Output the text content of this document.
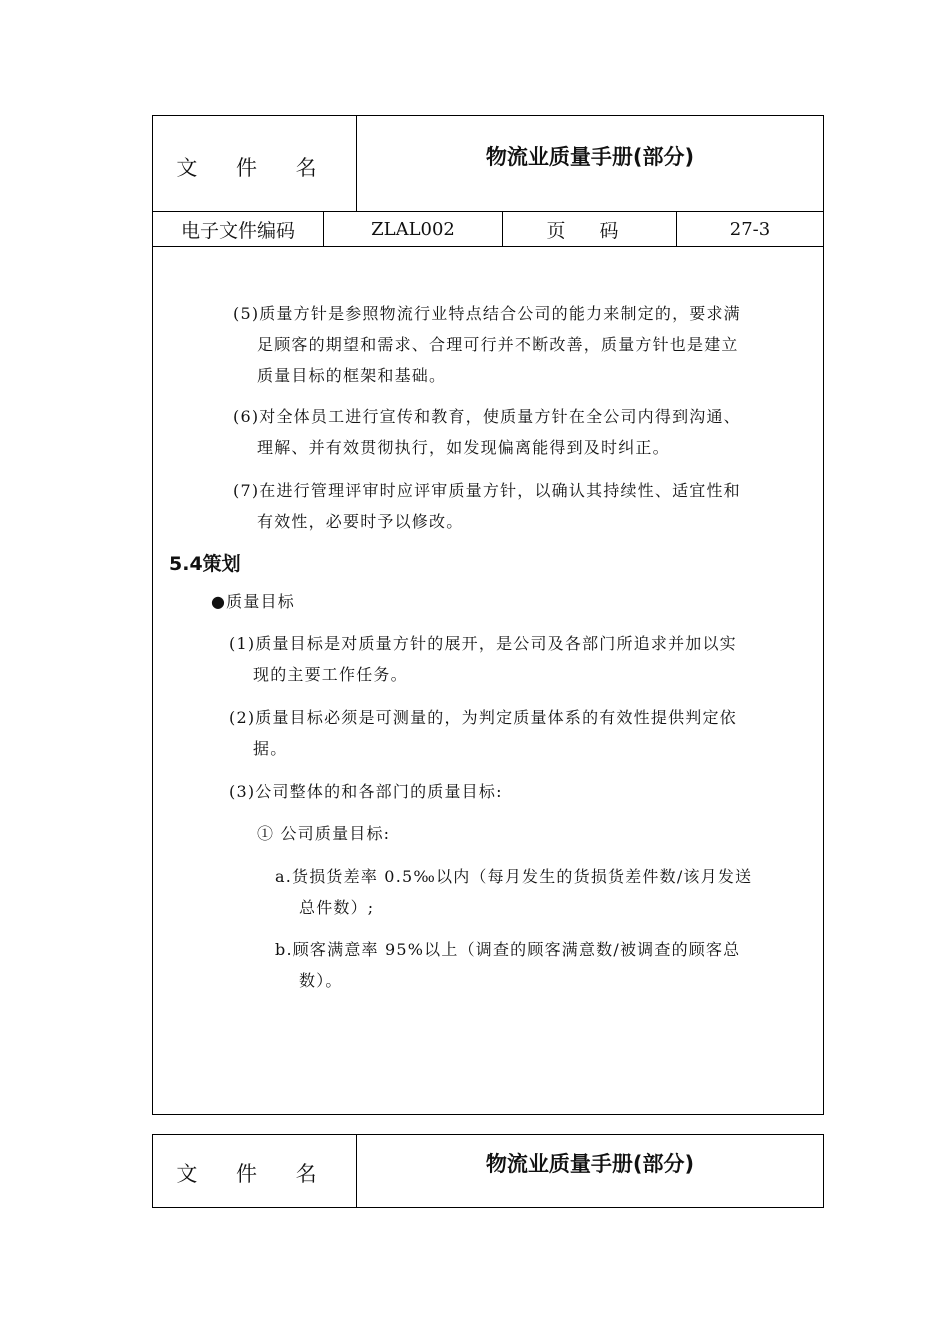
文 件 名	物流业质量手册(部分)
电子文件编码	ZLAL002	页 码	27-3
(5)质量方针是参照物流行业特点结合公司的能力来制定的，要求满
足顾客的期望和需求、合理可行并不断改善，质量方针也是建立
质量目标的框架和基础。
(6)对全体员工进行宣传和教育，使质量方针在全公司内得到沟通、
理解、并有效贯彻执行，如发现偏离能得到及时纠正。
(7)在进行管理评审时应评审质量方针，以确认其持续性、适宜性和
有效性，必要时予以修改。
5.4策划
●质量目标
(1)质量目标是对质量方针的展开，是公司及各部门所追求并加以实
现的主要工作任务。
(2)质量目标必须是可测量的，为判定质量体系的有效性提供判定依
据。
(3)公司整体的和各部门的质量目标:
① 公司质量目标:
a.货损货差率 0.5‰以内（每月发生的货损货差件数/该月发送
总件数）;
b.顾客满意率 95%以上（调查的顾客满意数/被调查的顾客总
数）。
文 件 名	物流业质量手册(部分)
